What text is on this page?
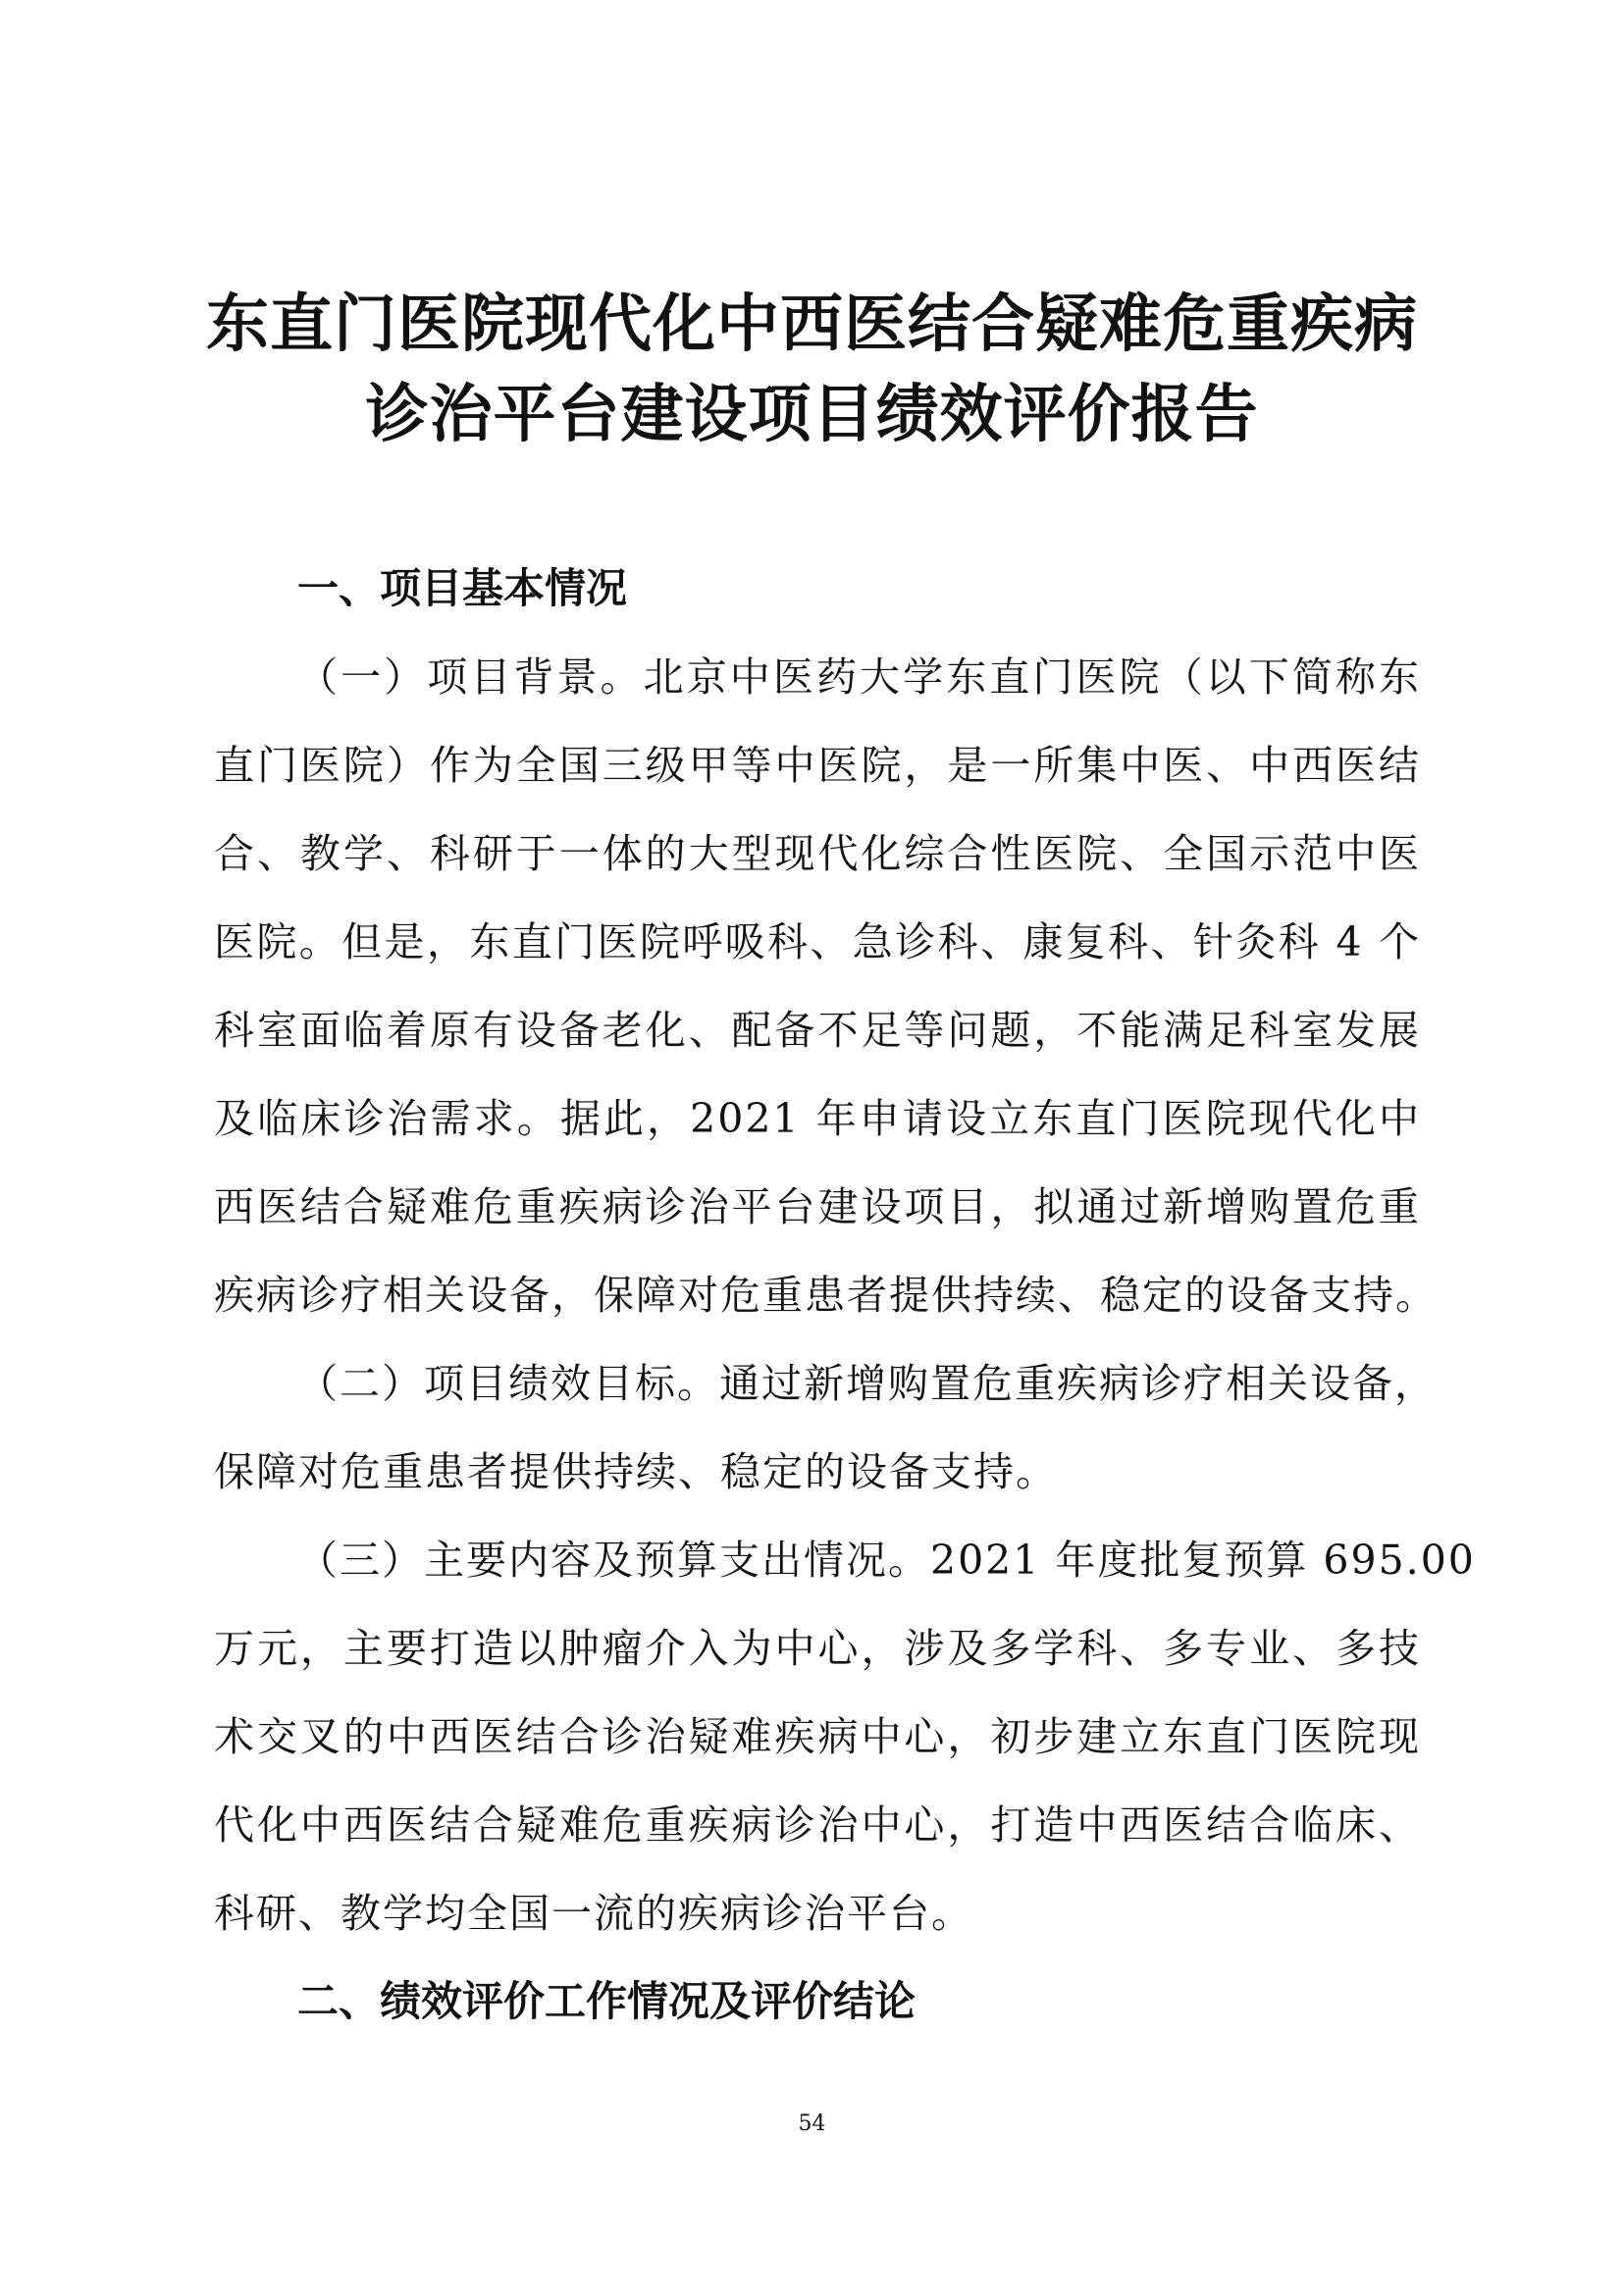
东直门医院现代化中西医结合疑难危重疾病
诊治平台建设项目绩效评价报告
一、项目基本情况
（一）项目背景。北京中医药大学东直门医院（以下简称东
直门医院）作为全国三级甲等中医院，是一所集中医、中西医结
合、教学、科研于一体的大型现代化综合性医院、全国示范中医
医院。但是，东直门医院呼吸科、急诊科、康复科、针灸科 4 个
科室面临着原有设备老化、配备不足等问题，不能满足科室发展
及临床诊治需求。据此，2021 年申请设立东直门医院现代化中
西医结合疑难危重疾病诊治平台建设项目，拟通过新增购置危重
疾病诊疗相关设备，保障对危重患者提供持续、稳定的设备支持。
（二）项目绩效目标。通过新增购置危重疾病诊疗相关设备，
保障对危重患者提供持续、稳定的设备支持。
（三）主要内容及预算支出情况。2021 年度批复预算 695.00
万元，主要打造以肿瘤介入为中心，涉及多学科、多专业、多技
术交叉的中西医结合诊治疑难疾病中心，初步建立东直门医院现
代化中西医结合疑难危重疾病诊治中心，打造中西医结合临床、
科研、教学均全国一流的疾病诊治平台。
二、绩效评价工作情况及评价结论
54
